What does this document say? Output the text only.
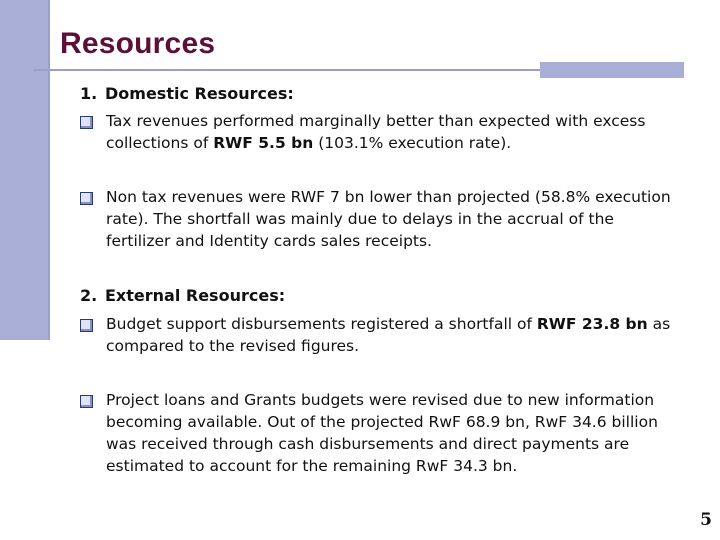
Resources

1. Domestic Resources:

Tax revenues performed marginally better than expected with excess collections of RWF 5.5 bn (103.1% execution rate).
Non tax revenues were RWF 7 bn lower than projected (58.8% execution rate). The shortfall was mainly due to delays in the accrual of the fertilizer and Identity cards sales receipts.

2. External Resources:

Budget support disbursements registered a shortfall of RWF 23.8 bn as compared to the revised figures.
Project loans and Grants budgets were revised due to new information becoming available. Out of the projected RwF 68.9 bn, RwF 34.6 billion was received through cash disbursements and direct payments are estimated to account for the remaining RwF 34.3 bn.
5
